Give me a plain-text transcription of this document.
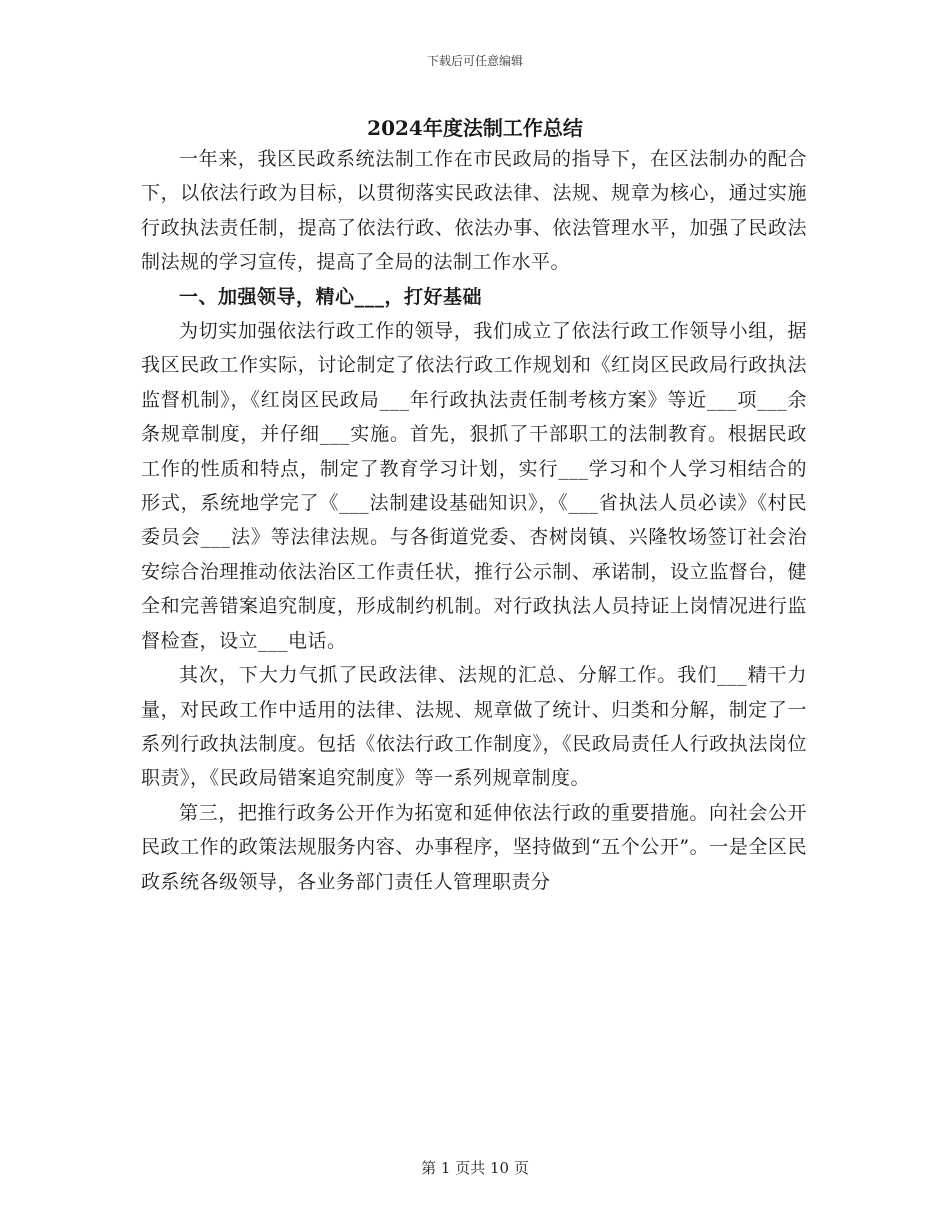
下载后可任意编辑
2024年度法制工作总结

一年来，我区民政系统法制工作在市民政局的指导下，在区法制办的配合下，以依法行政为目标，以贯彻落实民政法律、法规、规章为核心，通过实施行政执法责任制，提高了依法行政、依法办事、依法管理水平，加强了民政法制法规的学习宣传，提高了全局的法制工作水平。

一、加强领导，精心___，打好基础

为切实加强依法行政工作的领导，我们成立了依法行政工作领导小组，据我区民政工作实际，讨论制定了依法行政工作规划和《红岗区民政局行政执法监督机制》，《红岗区民政局___年行政执法责任制考核方案》等近___项___余条规章制度，并仔细___实施。首先，狠抓了干部职工的法制教育。根据民政工作的性质和特点，制定了教育学习计划，实行___学习和个人学习相结合的形式，系统地学完了《___法制建设基础知识》，《___省执法人员必读》《村民委员会___法》等法律法规。与各街道党委、杏树岗镇、兴隆牧场签订社会治安综合治理推动依法治区工作责任状，推行公示制、承诺制，设立监督台，健全和完善错案追究制度，形成制约机制。对行政执法人员持证上岗情况进行监督检查，设立___电话。

其次，下大力气抓了民政法律、法规的汇总、分解工作。我们___精干力量，对民政工作中适用的法律、法规、规章做了统计、归类和分解，制定了一系列行政执法制度。包括《依法行政工作制度》，《民政局责任人行政执法岗位职责》，《民政局错案追究制度》等一系列规章制度。

第三，把推行政务公开作为拓宽和延伸依法行政的重要措施。向社会公开民政工作的政策法规服务内容、办事程序，坚持做到“五个公开”。一是全区民政系统各级领导，各业务部门责任人管理职责分

第 1 页共 10 页
